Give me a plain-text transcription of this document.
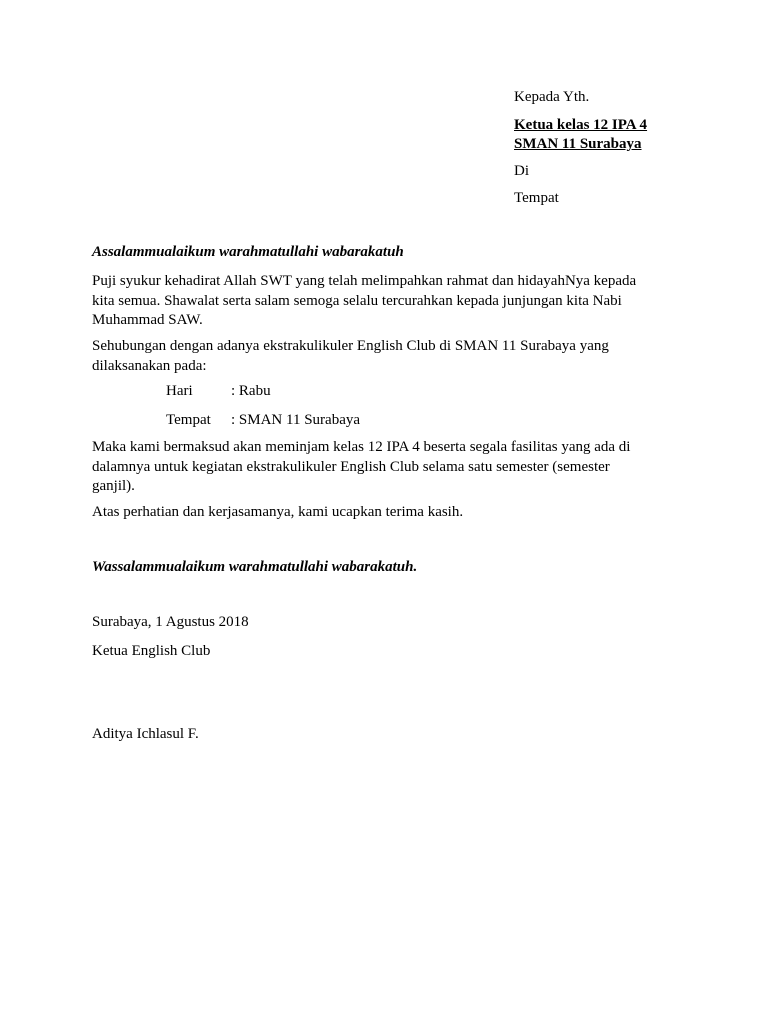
Kepada Yth.
Ketua kelas 12 IPA 4
SMAN 11 Surabaya
Di
Tempat
Assalammualaikum warahmatullahi wabarakatuh
Puji syukur kehadirat Allah SWT yang telah melimpahkan rahmat dan hidayahNya kepada
kita semua. Shawalat serta salam semoga selalu tercurahkan kepada junjungan kita Nabi
Muhammad SAW.
Sehubungan dengan adanya ekstrakulikuler English Club di SMAN 11 Surabaya yang
dilaksanakan pada:
Hari	: Rabu
Tempat : SMAN 11 Surabaya
Maka kami bermaksud akan meminjam kelas 12 IPA 4 beserta segala fasilitas yang ada di
dalamnya untuk kegiatan ekstrakulikuler English Club selama satu semester (semester
ganjil).
Atas perhatian dan kerjasamanya, kami ucapkan terima kasih.
Wassalammualaikum warahmatullahi wabarakatuh.
Surabaya, 1 Agustus 2018
Ketua English Club
Aditya Ichlasul F.
